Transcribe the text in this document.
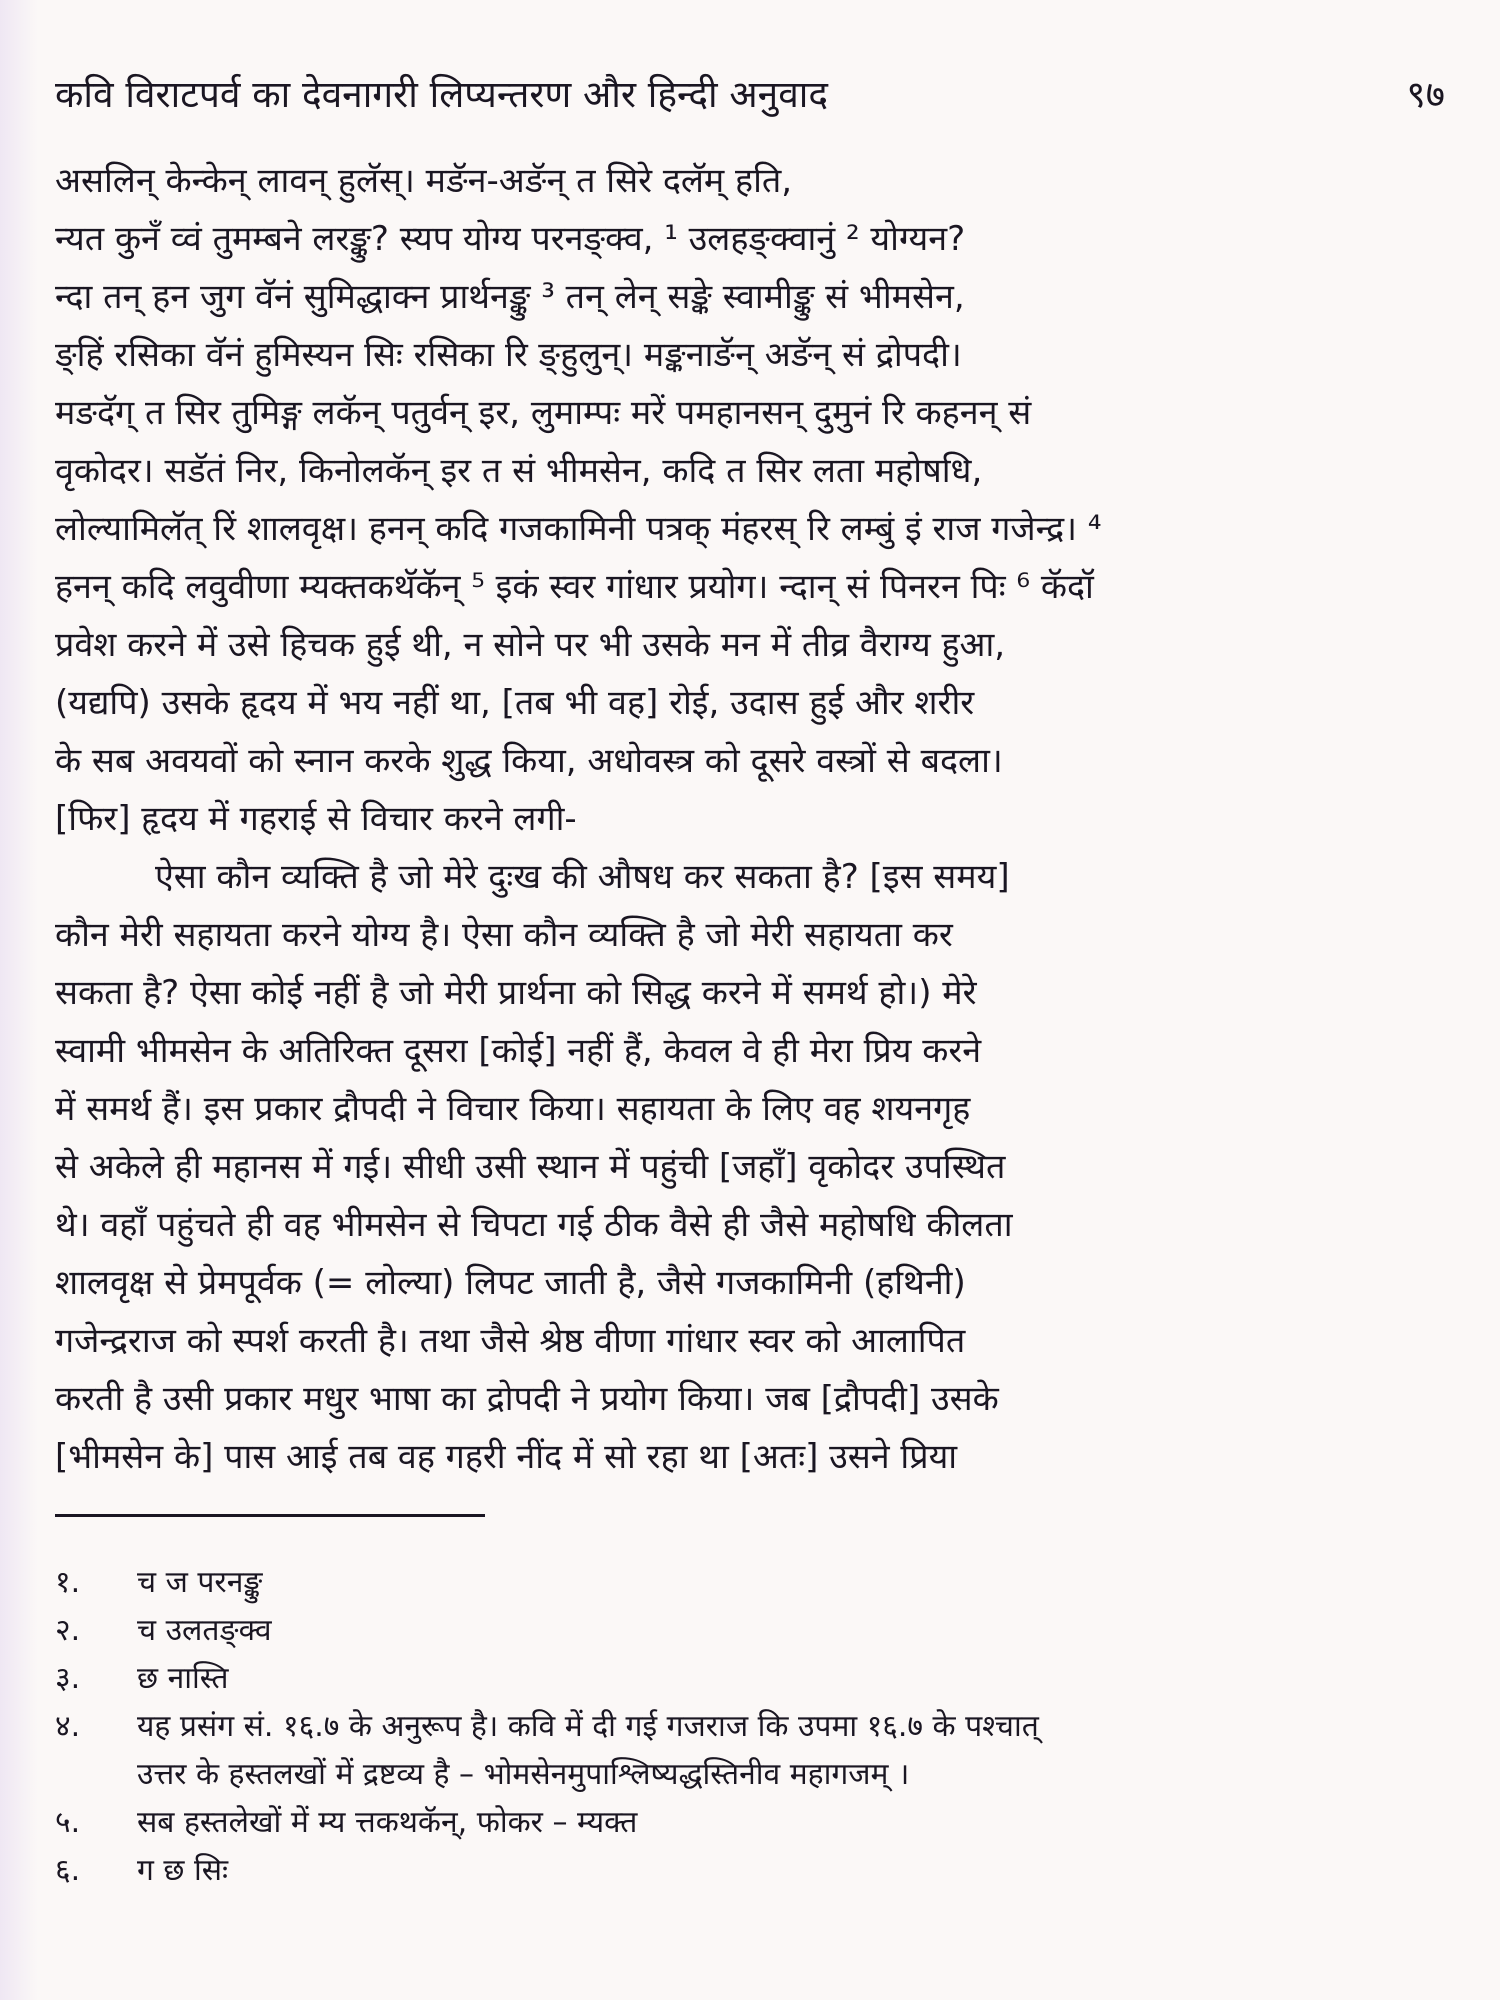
कवि विराटपर्व का देवनागरी लिप्यन्तरण और हिन्दी अनुवाद	९७
असलिन् केन्केन् लावन् हुलॅस्। मङॅन-अङॅन् त सिरे दलॅम् हति,
न्यत कुनँ व्वं तुमम्बने लरङ्कु? स्यप योग्य परनङ्क्व, ¹ उलहङ्क्वानुं ² योग्यन?
न्दा तन् हन जुग वॅनं सुमिद्धाक्न प्रार्थनङ्कु ³ तन् लेन् सङ्के स्वामीङ्कु सं भीमसेन,
ङ्हिं रसिका वॅनं हुमिस्यन सिः रसिका रि ङ्हुलुन्। मङ्कनाङॅन् अङॅन् सं द्रोपदी।
मङदॅग् त सिर तुमिङ्ग लकॅन् पतुर्वन् इर, लुमाम्पः मरें पमहानसन् दुमुनं रि कहनन् सं
वृकोदर। सडॅतं निर, किनोलकॅन् इर त सं भीमसेन, कदि त सिर लता महोषधि,
लोल्यामिलॅत् रिं शालवृक्ष। हनन् कदि गजकामिनी पत्रक् मंहरस् रि लम्बुं इं राज गजेन्द्र। ⁴
हनन् कदि लवुवीणा म्यक्तकथॅकॅन् ⁵ इकं स्वर गांधार प्रयोग। न्दान् सं पिनरन पिः ⁶ कॅदॉ
प्रवेश करने में उसे हिचक हुई थी, न सोने पर भी उसके मन में तीव्र वैराग्य हुआ,
(यद्यपि) उसके हृदय में भय नहीं था, [तब भी वह] रोई, उदास हुई और शरीर
के सब अवयवों को स्नान करके शुद्ध किया, अधोवस्त्र को दूसरे वस्त्रों से बदला।
[फिर] हृदय में गहराई से विचार करने लगी-
ऐसा कौन व्यक्ति है जो मेरे दुःख की औषध कर सकता है? [इस समय]
कौन मेरी सहायता करने योग्य है। ऐसा कौन व्यक्ति है जो मेरी सहायता कर
सकता है? ऐसा कोई नहीं है जो मेरी प्रार्थना को सिद्ध करने में समर्थ हो।) मेरे
स्वामी भीमसेन के अतिरिक्त दूसरा [कोई] नहीं हैं, केवल वे ही मेरा प्रिय करने
में समर्थ हैं। इस प्रकार द्रौपदी ने विचार किया। सहायता के लिए वह शयनगृह
से अकेले ही महानस में गई। सीधी उसी स्थान में पहुंची [जहाँ] वृकोदर उपस्थित
थे। वहाँ पहुंचते ही वह भीमसेन से चिपटा गई ठीक वैसे ही जैसे महोषधि कीलता
शालवृक्ष से प्रेमपूर्वक (= लोल्या) लिपट जाती है, जैसे गजकामिनी (हथिनी)
गजेन्द्रराज को स्पर्श करती है। तथा जैसे श्रेष्ठ वीणा गांधार स्वर को आलापित
करती है उसी प्रकार मधुर भाषा का द्रोपदी ने प्रयोग किया। जब [द्रौपदी] उसके
[भीमसेन के] पास आई तब वह गहरी नींद में सो रहा था [अतः] उसने प्रिया
१.	च ज परनङ्कु
२.	च उलतङ्क्व
३.	छ नास्ति
४.	यह प्रसंग सं. १६.७ के अनुरूप है। कवि में दी गई गजराज कि उपमा १६.७ के पश्चात्
उत्तर के हस्तलखों में द्रष्टव्य है – भोमसेनमुपाश्लिष्यद्धस्तिनीव महागजम् ।
५.	सब हस्तलेखों में म्य त्तकथकॅन्, फोकर – म्यक्त
६.	ग छ सिः
